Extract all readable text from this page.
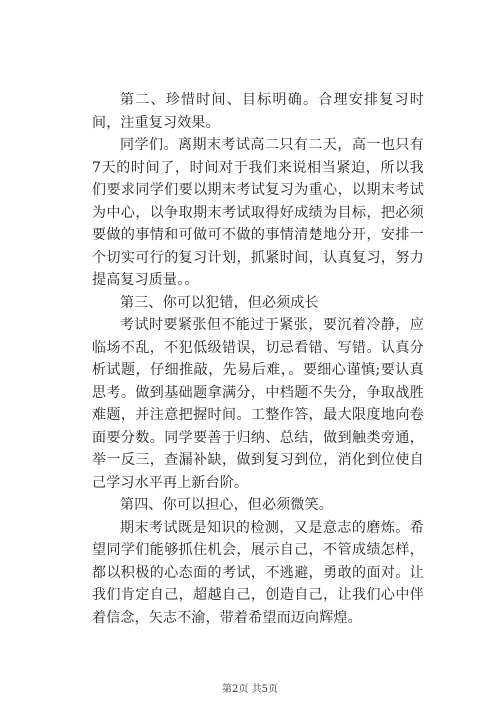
第二、珍惜时间、目标明确。合理安排复习时间，注重复习效果。

同学们。离期末考试高二只有二天，高一也只有7天的时间了，时间对于我们来说相当紧迫，所以我们要求同学们要以期末考试复习为重心，以期末考试为中心，以争取期末考试取得好成绩为目标，把必须要做的事情和可做可不做的事情清楚地分开，安排一个切实可行的复习计划，抓紧时间，认真复习，努力提高复习质量。。

第三、你可以犯错，但必须成长

考试时要紧张但不能过于紧张，要沉着冷静，应临场不乱，不犯低级错误，切忌看错、写错。认真分析试题，仔细推敲，先易后难，。要细心谨慎;要认真思考。做到基础题拿满分，中档题不失分，争取战胜难题，并注意把握时间。工整作答，最大限度地向卷面要分数。同学要善于归纳、总结，做到触类旁通，举一反三，查漏补缺，做到复习到位，消化到位使自己学习水平再上新台阶。

第四、你可以担心，但必须微笑。

期末考试既是知识的检测，又是意志的磨炼。希望同学们能够抓住机会，展示自己，不管成绩怎样，都以积极的心态面的考试，不逃避，勇敢的面对。让我们肯定自己，超越自己，创造自己，让我们心中伴着信念，矢志不渝，带着希望而迈向辉煌。

第2页 共5页
